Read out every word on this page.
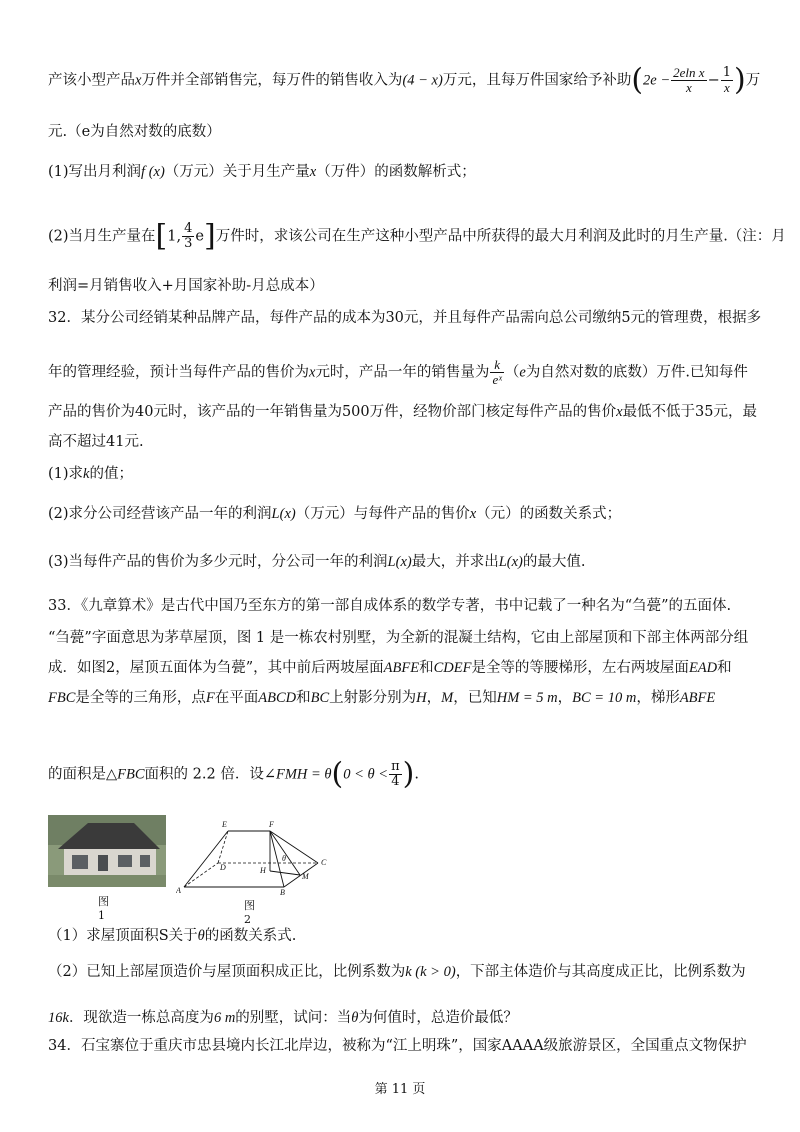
产该小型产品x万件并全部销售完，每万件的销售收入为(4 − x)万元，且每万件国家给予补助($2e - \frac{\text{2eln x}}{x} - \frac{1}{x}$ )万
元.（e为自然对数的底数）
(1)写出月利润f (x)（万元）关于月生产量x（万件）的函数解析式；
(2)当月生产量在[1, $\frac{4}{3} e$]万件时，求该公司在生产这种小型产品中所获得的最大月利润及此时的月生产量.（注：月
利润=月销售收入+月国家补助-月总成本）
32．某分公司经销某种品牌产品，每件产品的成本为30元，并且每件产品需向总公司缴纳5元的管理费，根据多
年的管理经验，预计当每件产品的售价为x元时，产品一年的销售量为 $\frac{k}{\text{eˣ}} (e$为自然对数的底数）万件.已知每件
产品的售价为40元时，该产品的一年销售量为500万件，经物价部门核定每件产品的售价x最低不低于35元，最
高不超过41元.
(1)求k的值；
(2)求分公司经营该产品一年的利润L(x)（万元）与每件产品的售价x（元）的函数关系式；
(3)当每件产品的售价为多少元时，分公司一年的利润L(x)最大，并求出L(x)的最大值.
33．《九章算术》是古代中国乃至东方的第一部自成体系的数学专著，书中记载了一种名为“刍甍”的五面体.
“刍甍”字面意思为茅草屋顶，图 1 是一栋农村别墅，为全新的混凝土结构，它由上部屋顶和下部主体两部分组
成．如图2，屋顶五面体为刍甍”，其中前后两坡屋面ABFE和CDEF是全等的等腰梯形，左右两坡屋面EAD和
FBC是全等的三角形，点F在平面ABCD和BC上射影分别为H，M，已知HM = 5 m，BC = 10 m，梯形ABFE
的面积是△FBC面积的 2.2 倍．设∠FMH = $\theta(0 < \theta < \frac{\pi}{4}$ ).
图 1
A	B
C
D
E	F
H
M
θ
图 2
（1）求屋顶面积S关于θ的函数关系式.
（2）已知上部屋顶造价与屋顶面积成正比，比例系数为k (k > 0)，下部主体造价与其高度成正比，比例系数为
16k．现欲造一栋总高度为6 m的别墅，试问：当θ为何值时，总造价最低？
34．石宝寨位于重庆市忠县境内长江北岸边，被称为“江上明珠”，国家AAAA级旅游景区，全国重点文物保护
第 11 页
